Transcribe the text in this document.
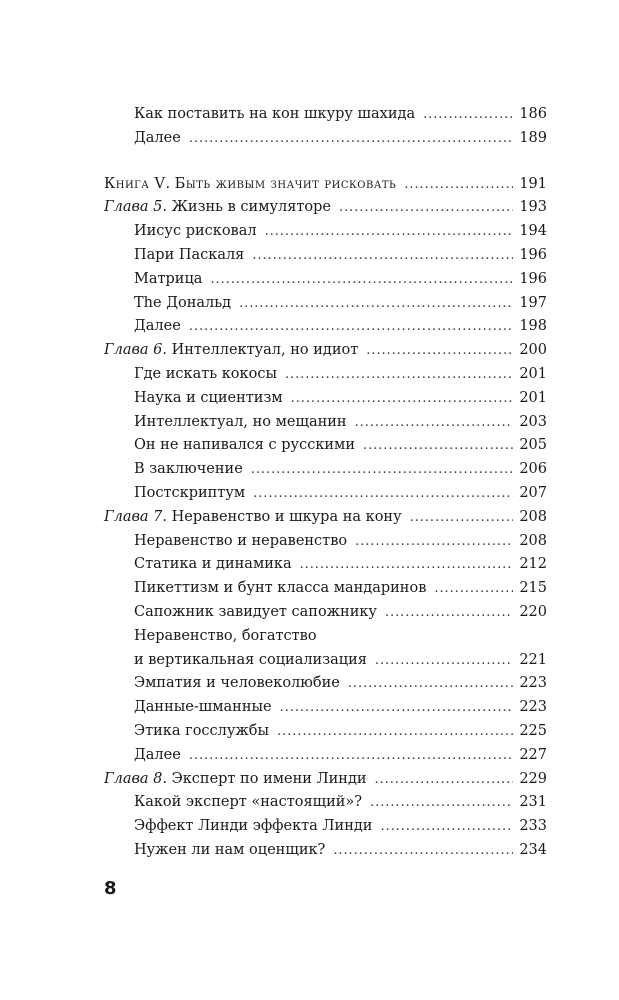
Как поставить на кон шкуру шахида . . .	186
Далее . . .	189
Книга V. Быть живым значит рисковать . . .	191
Глава 5. Жизнь в симуляторе . . .	193
Иисус рисковал . . .	194
Пари Паскаля . . .	196
Матрица . . .	196
The Дональд . . .	197
Далее . . .	198
Глава 6. Интеллектуал, но идиот . . .	200
Где искать кокосы . . .	201
Наука и сциентизм . . .	201
Интеллектуал, но мещанин . . .	203
Он не напивался с русскими . . .	205
В заключение . . .	206
Постскриптум . . .	207
Глава 7. Неравенство и шкура на кону . . .	208
Неравенство и неравенство . . .	208
Статика и динамика . . .	212
Пикеттизм и бунт класса мандаринов . . .	215
Сапожник завидует сапожнику . . .	220
Неравенство, богатство
и вертикальная социализация . . .	221
Эмпатия и человеколюбие . . .	223
Данные-шманные . . .	223
Этика госслужбы . . .	225
Далее . . .	227
Глава 8. Эксперт по имени Линди . . .	229
Какой эксперт «настоящий»? . . .	231
Эффект Линди эффекта Линди . . .	233
Нужен ли нам оценщик? . . .	234
8
